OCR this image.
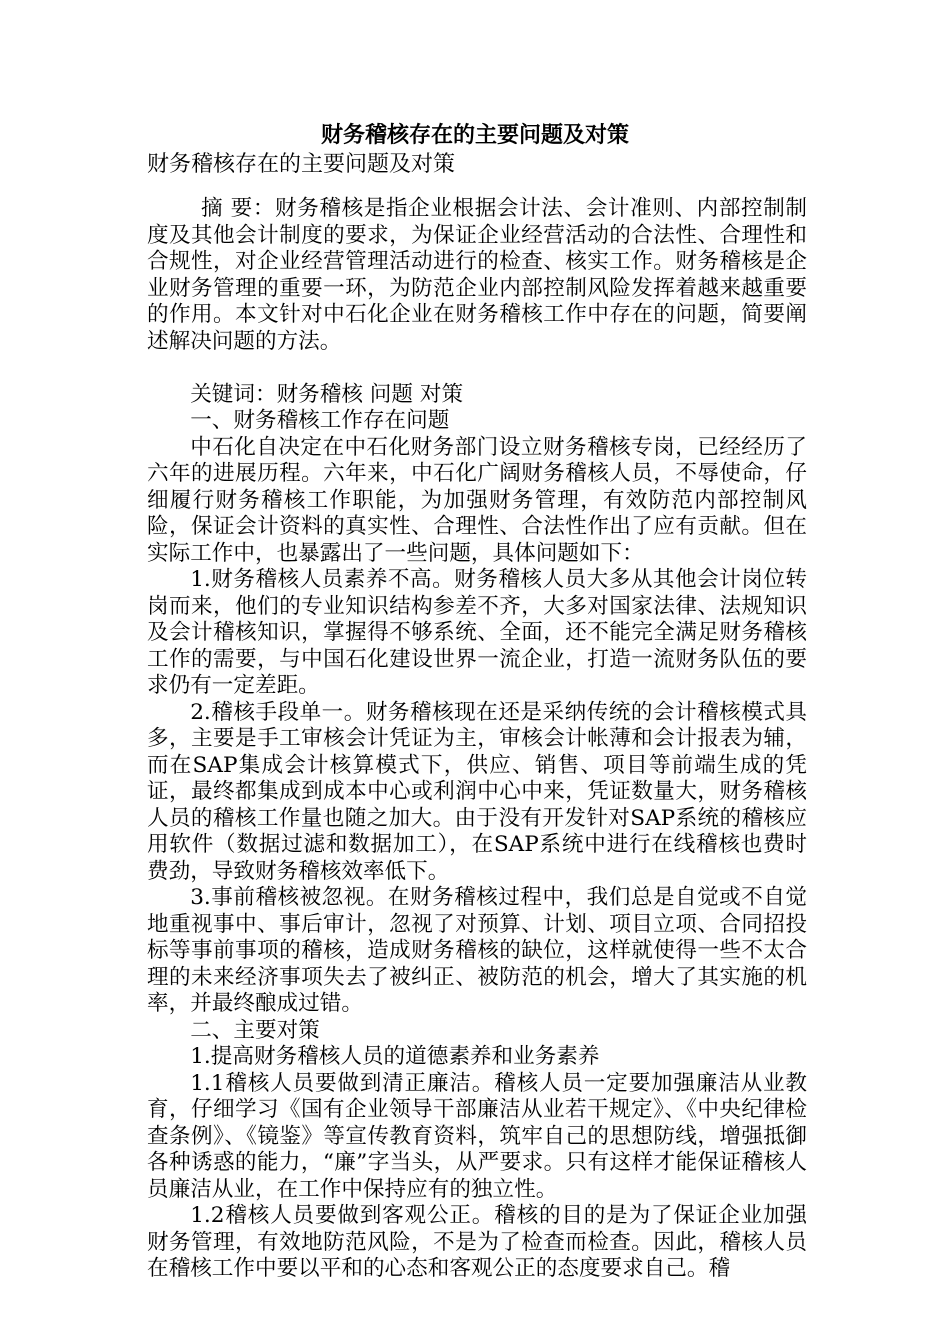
财务稽核存在的主要问题及对策
财务稽核存在的主要问题及对策

摘 要：财务稽核是指企业根据会计法、会计准则、内部控制制度及其他会计制度的要求，为保证企业经营活动的合法性、合理性和合规性，对企业经营管理活动进行的检查、核实工作。财务稽核是企业财务管理的重要一环，为防范企业内部控制风险发挥着越来越重要的作用。本文针对中石化企业在财务稽核工作中存在的问题，简要阐述解决问题的方法。

关键词：财务稽核 问题 对策

一、财务稽核工作存在问题

中石化自决定在中石化财务部门设立财务稽核专岗，已经经历了六年的进展历程。六年来，中石化广阔财务稽核人员，不辱使命，仔细履行财务稽核工作职能，为加强财务管理，有效防范内部控制风险，保证会计资料的真实性、合理性、合法性作出了应有贡献。但在实际工作中，也暴露出了一些问题，具体问题如下：

1.财务稽核人员素养不高。财务稽核人员大多从其他会计岗位转岗而来，他们的专业知识结构参差不齐，大多对国家法律、法规知识及会计稽核知识，掌握得不够系统、全面，还不能完全满足财务稽核工作的需要，与中国石化建设世界一流企业，打造一流财务队伍的要求仍有一定差距。

2.稽核手段单一。财务稽核现在还是采纳传统的会计稽核模式具多，主要是手工审核会计凭证为主，审核会计帐薄和会计报表为辅，而在SAP集成会计核算模式下，供应、销售、项目等前端生成的凭证，最终都集成到成本中心或利润中心中来，凭证数量大，财务稽核人员的稽核工作量也随之加大。由于没有开发针对SAP系统的稽核应用软件（数据过滤和数据加工），在SAP系统中进行在线稽核也费时费劲，导致财务稽核效率低下。

3.事前稽核被忽视。在财务稽核过程中，我们总是自觉或不自觉地重视事中、事后审计，忽视了对预算、计划、项目立项、合同招投标等事前事项的稽核，造成财务稽核的缺位，这样就使得一些不太合理的未来经济事项失去了被纠正、被防范的机会，增大了其实施的机率，并最终酿成过错。

二、主要对策

1.提高财务稽核人员的道德素养和业务素养

1.1稽核人员要做到清正廉洁。稽核人员一定要加强廉洁从业教育，仔细学习《国有企业领导干部廉洁从业若干规定》、《中央纪律检查条例》、《镜鉴》等宣传教育资料，筑牢自己的思想防线，增强抵御各种诱惑的能力，“廉”字当头，从严要求。只有这样才能保证稽核人员廉洁从业，在工作中保持应有的独立性。

1.2稽核人员要做到客观公正。稽核的目的是为了保证企业加强财务管理，有效地防范风险，不是为了检查而检查。因此，稽核人员在稽核工作中要以平和的心态和客观公正的态度要求自己。稽
